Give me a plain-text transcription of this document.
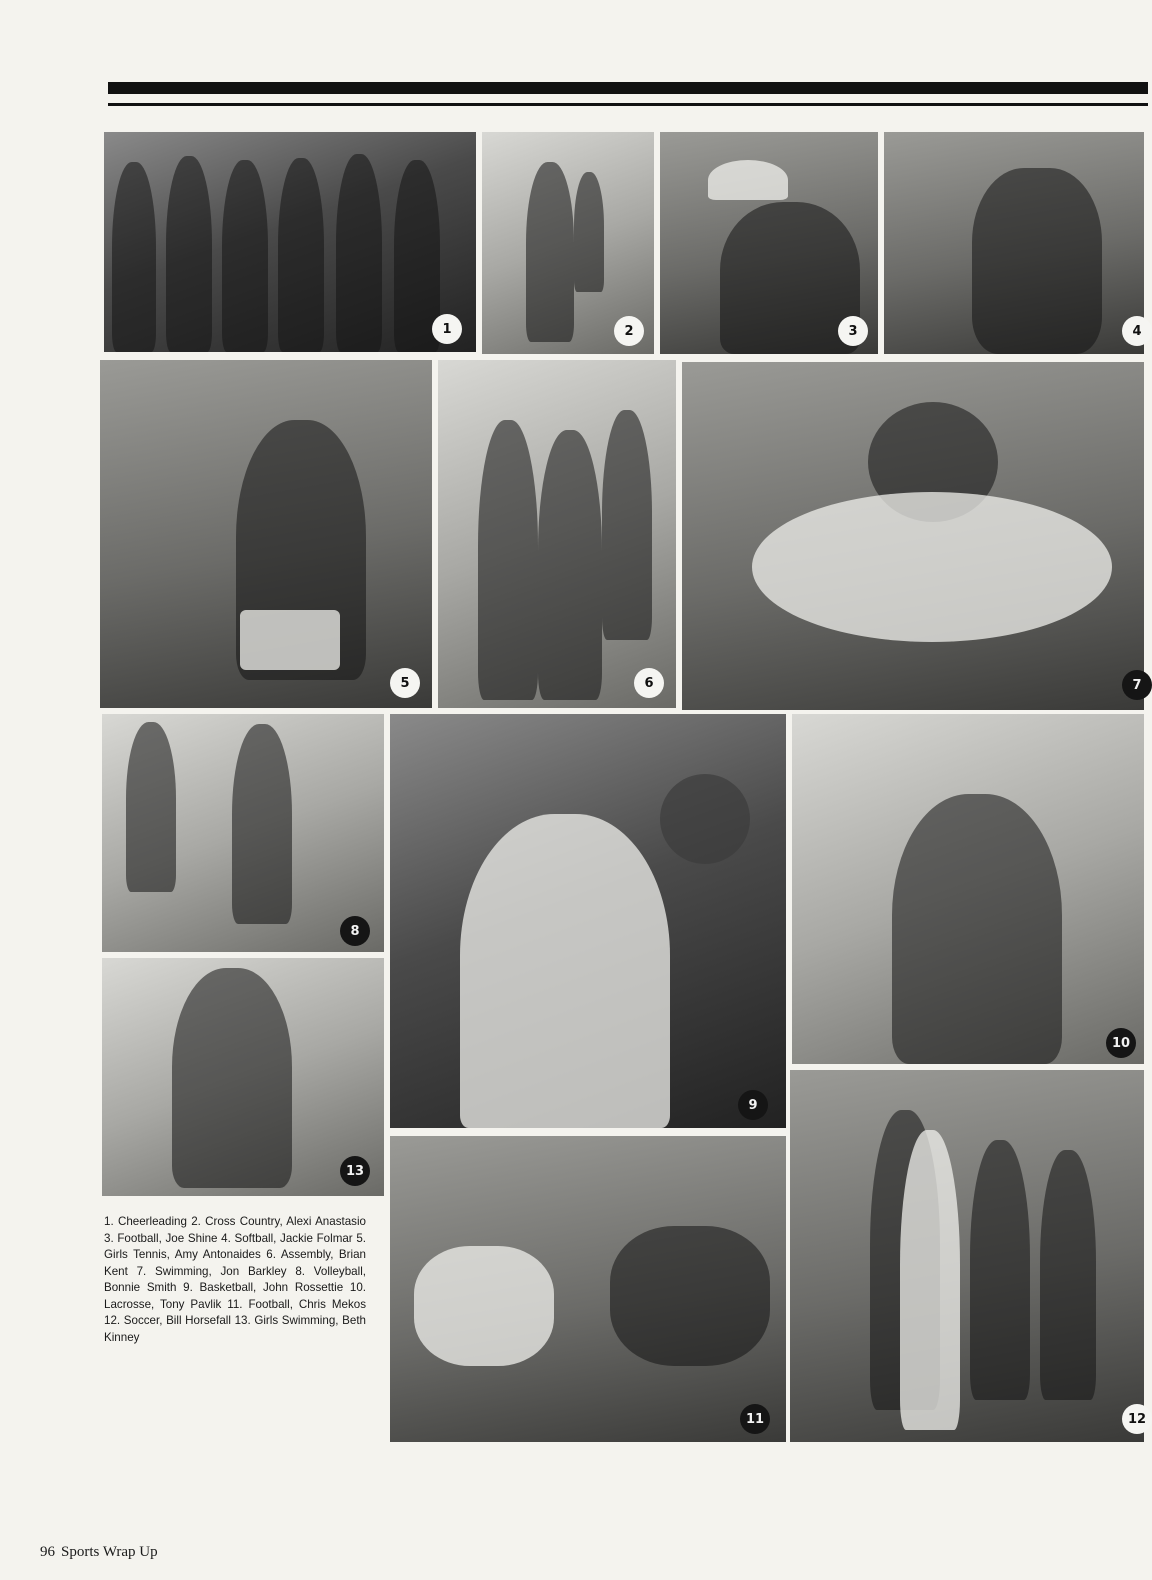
1	2	3	4
5	6	7
8
13
9
10
11	12
1. Cheerleading 2. Cross Country, Alexi Anastasio 3. Football, Joe Shine 4. Softball, Jackie Folmar 5. Girls Tennis, Amy Antonaides 6. Assembly, Brian Kent 7. Swimming, Jon Barkley 8. Volleyball, Bonnie Smith 9. Basketball, John Rossettie 10. Lacrosse, Tony Pavlik 11. Football, Chris Mekos 12. Soccer, Bill Horsefall 13. Girls Swimming, Beth Kinney
96 Sports Wrap Up
